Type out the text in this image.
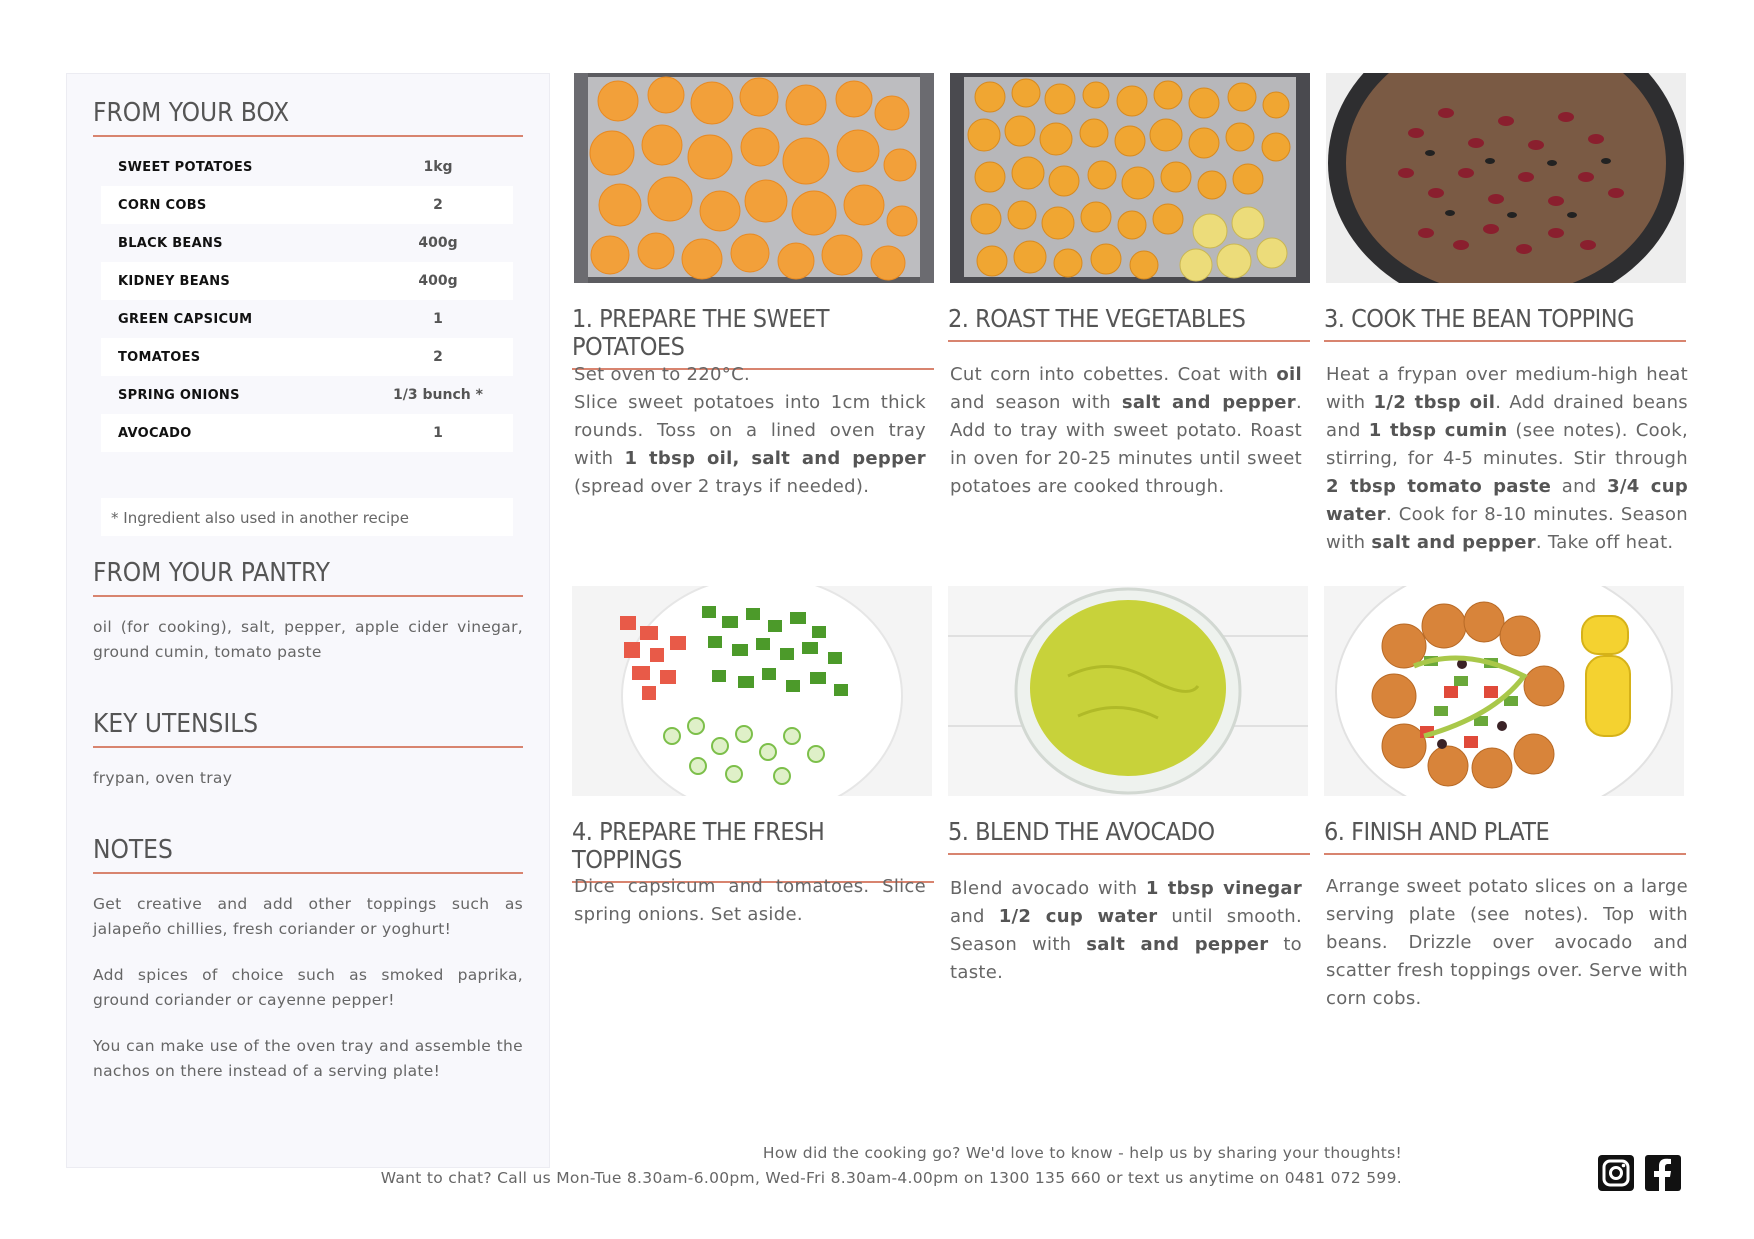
FROM YOUR BOX
SWEET POTATOES	1kg
CORN COBS	2
BLACK BEANS	400g
KIDNEY BEANS	400g
GREEN CAPSICUM	1
TOMATOES	2
SPRING ONIONS	1/3 bunch *
AVOCADO	1
* Ingredient also used in another recipe
FROM YOUR PANTRY
oil (for cooking), salt, pepper, apple cider vinegar, ground cumin, tomato paste
KEY UTENSILS
frypan, oven tray
NOTES
Get creative and add other toppings such as jalapeño chillies, fresh coriander or yoghurt!
Add spices of choice such as smoked paprika, ground coriander or cayenne pepper!
You can make use of the oven tray and assemble the nachos on there instead of a serving plate!
1. PREPARE THE SWEET POTATOES
2. ROAST THE VEGETABLES	3. COOK THE BEAN TOPPING
Set oven to 220°C.
Slice sweet potatoes into 1cm thick rounds. Toss on a lined oven tray with 1 tbsp oil, salt and pepper (spread over 2 trays if needed).
Cut corn into cobettes. Coat with oil and season with salt and pepper. Add to tray with sweet potato. Roast in oven for 20-25 minutes until sweet potatoes are cooked through.
Heat a frypan over medium-high heat with 1/2 tbsp oil. Add drained beans and 1 tbsp cumin (see notes). Cook, stirring, for 4-5 minutes. Stir through 2 tbsp tomato paste and 3/4 cup water. Cook for 8-10 minutes. Season with salt and pepper. Take off heat.
4. PREPARE THE FRESH TOPPINGS
5. BLEND THE AVOCADO	6. FINISH AND PLATE
Dice capsicum and tomatoes. Slice spring onions. Set aside.
Blend avocado with 1 tbsp vinegar and 1/2 cup water until smooth. Season with salt and pepper to taste.
Arrange sweet potato slices on a large serving plate (see notes). Top with beans. Drizzle over avocado and scatter fresh toppings over. Serve with corn cobs.
How did the cooking go? We'd love to know - help us by sharing your thoughts!
Want to chat? Call us Mon-Tue 8.30am-6.00pm, Wed-Fri 8.30am-4.00pm on 1300 135 660 or text us anytime on 0481 072 599.
